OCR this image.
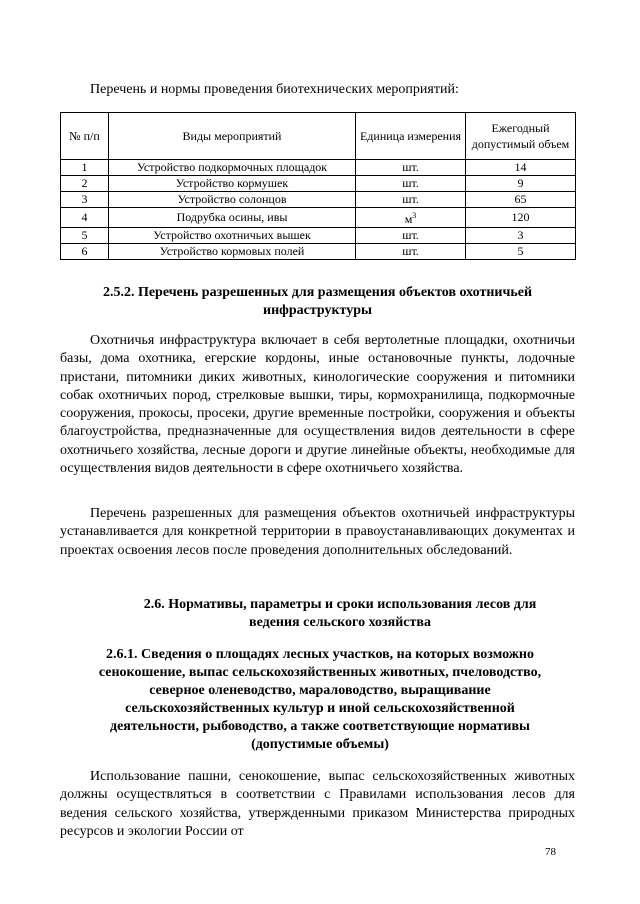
Перечень и нормы проведения биотехнических мероприятий:
№ п/п	Виды мероприятий	Единица измерения	Ежегодный допустимый объем
1	Устройство подкормочных площадок	шт.	14
2	Устройство кормушек	шт.	9
3	Устройство солонцов	шт.	65
4	Подрубка осины, ивы	$м^3$	120
5	Устройство охотничьих вышек	шт.	3
6	Устройство кормовых полей	шт.	5
2.5.2. Перечень разрешенных для размещения объектов охотничьей инфраструктуры

Охотничья инфраструктура включает в себя вертолетные площадки, охотничьи базы, дома охотника, егерские кордоны, иные остановочные пункты, лодочные пристани, питомники диких животных, кинологические сооружения и питомники собак охотничьих пород, стрелковые вышки, тиры, кормохранилища, подкормочные сооружения, прокосы, просеки, другие временные постройки, сооружения и объекты благоустройства, предназначенные для осуществления видов деятельности в сфере охотничьего хозяйства, лесные дороги и другие линейные объекты, необходимые для осуществления видов деятельности в сфере охотничьего хозяйства.

Перечень разрешенных для размещения объектов охотничьей инфраструктуры устанавливается для конкретной территории в правоустанавливающих документах и проектах освоения лесов после проведения дополнительных обследований.

2.6. Нормативы, параметры и сроки использования лесов для ведения сельского хозяйства
2.6.1. Сведения о площадях лесных участков, на которых возможно сенокошение, выпас сельскохозяйственных животных, пчеловодство, северное оленеводство, мараловодство, выращивание сельскохозяйственных культур и иной сельскохозяйственной деятельности, рыбоводство, а также соответствующие нормативы (допустимые объемы)

Использование пашни, сенокошение, выпас сельскохозяйственных животных должны осуществляться в соответствии с Правилами использования лесов для ведения сельского хозяйства, утвержденными приказом Министерства природных ресурсов и экологии России от

78
